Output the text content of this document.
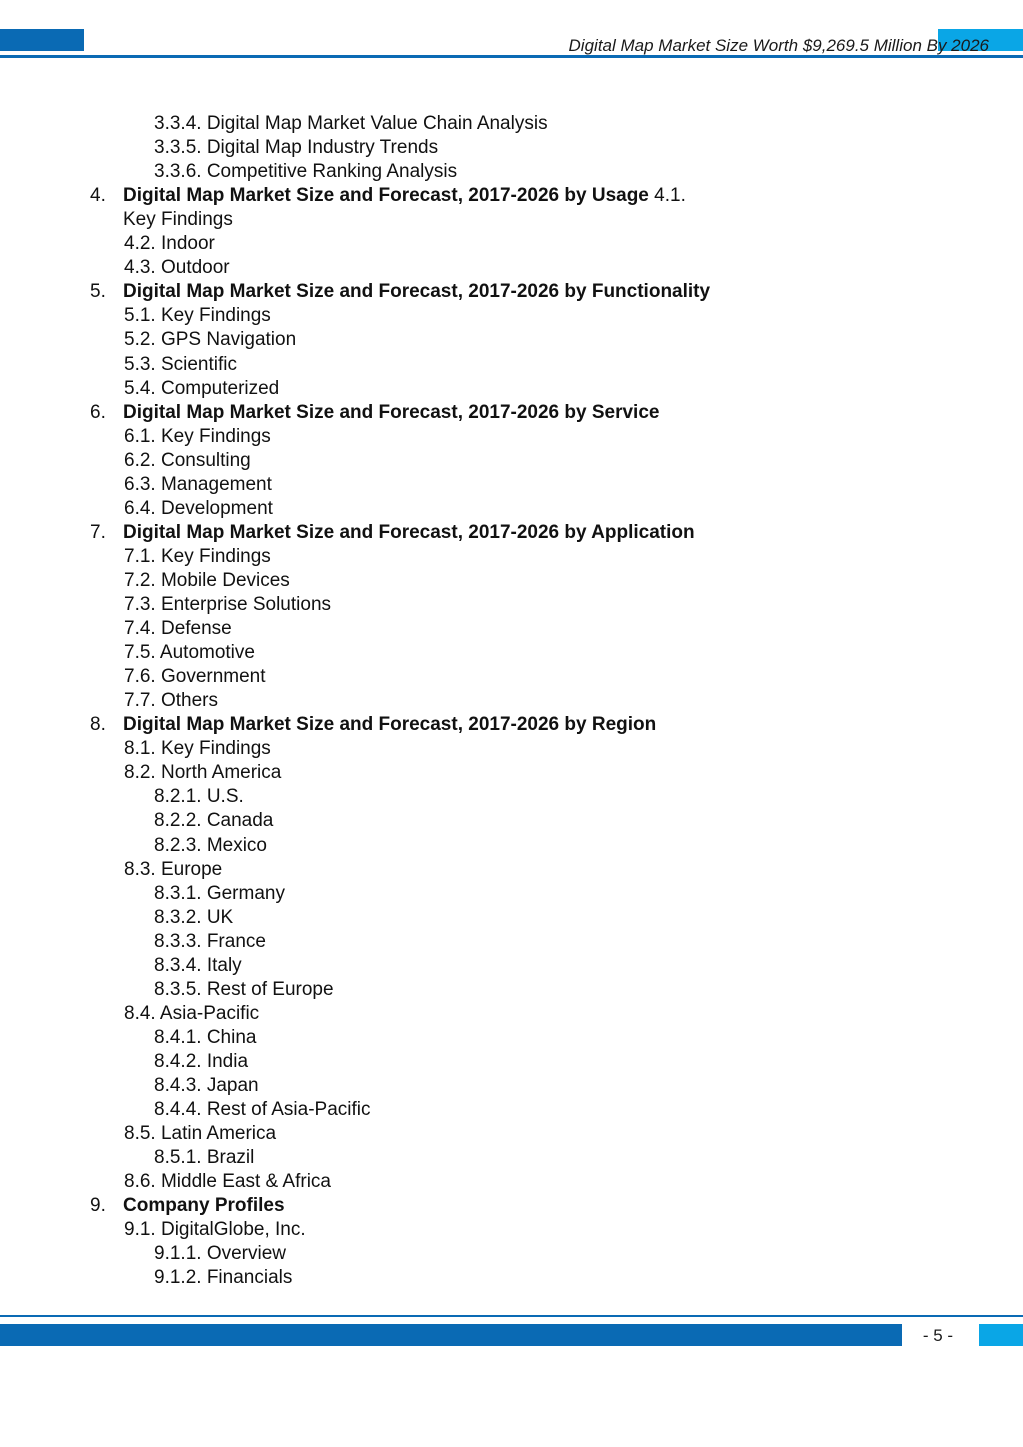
Digital Map Market Size Worth $9,269.5 Million By 2026
3.3.4. Digital Map Market Value Chain Analysis
3.3.5. Digital Map Industry Trends
3.3.6. Competitive Ranking Analysis
4. Digital Map Market Size and Forecast, 2017-2026 by Usage 4.1.
Key Findings
4.2. Indoor
4.3. Outdoor
5. Digital Map Market Size and Forecast, 2017-2026 by Functionality
5.1. Key Findings
5.2. GPS Navigation
5.3. Scientific
5.4. Computerized
6. Digital Map Market Size and Forecast, 2017-2026 by Service
6.1. Key Findings
6.2. Consulting
6.3. Management
6.4. Development
7. Digital Map Market Size and Forecast, 2017-2026 by Application
7.1. Key Findings
7.2. Mobile Devices
7.3. Enterprise Solutions
7.4. Defense
7.5. Automotive
7.6. Government
7.7. Others
8. Digital Map Market Size and Forecast, 2017-2026 by Region
8.1. Key Findings
8.2. North America
8.2.1. U.S.
8.2.2. Canada
8.2.3. Mexico
8.3. Europe
8.3.1. Germany
8.3.2. UK
8.3.3. France
8.3.4. Italy
8.3.5. Rest of Europe
8.4. Asia-Pacific
8.4.1. China
8.4.2. India
8.4.3. Japan
8.4.4. Rest of Asia-Pacific
8.5. Latin America
8.5.1. Brazil
8.6. Middle East & Africa
9. Company Profiles
9.1. DigitalGlobe, Inc.
9.1.1. Overview
9.1.2. Financials
- 5 -
